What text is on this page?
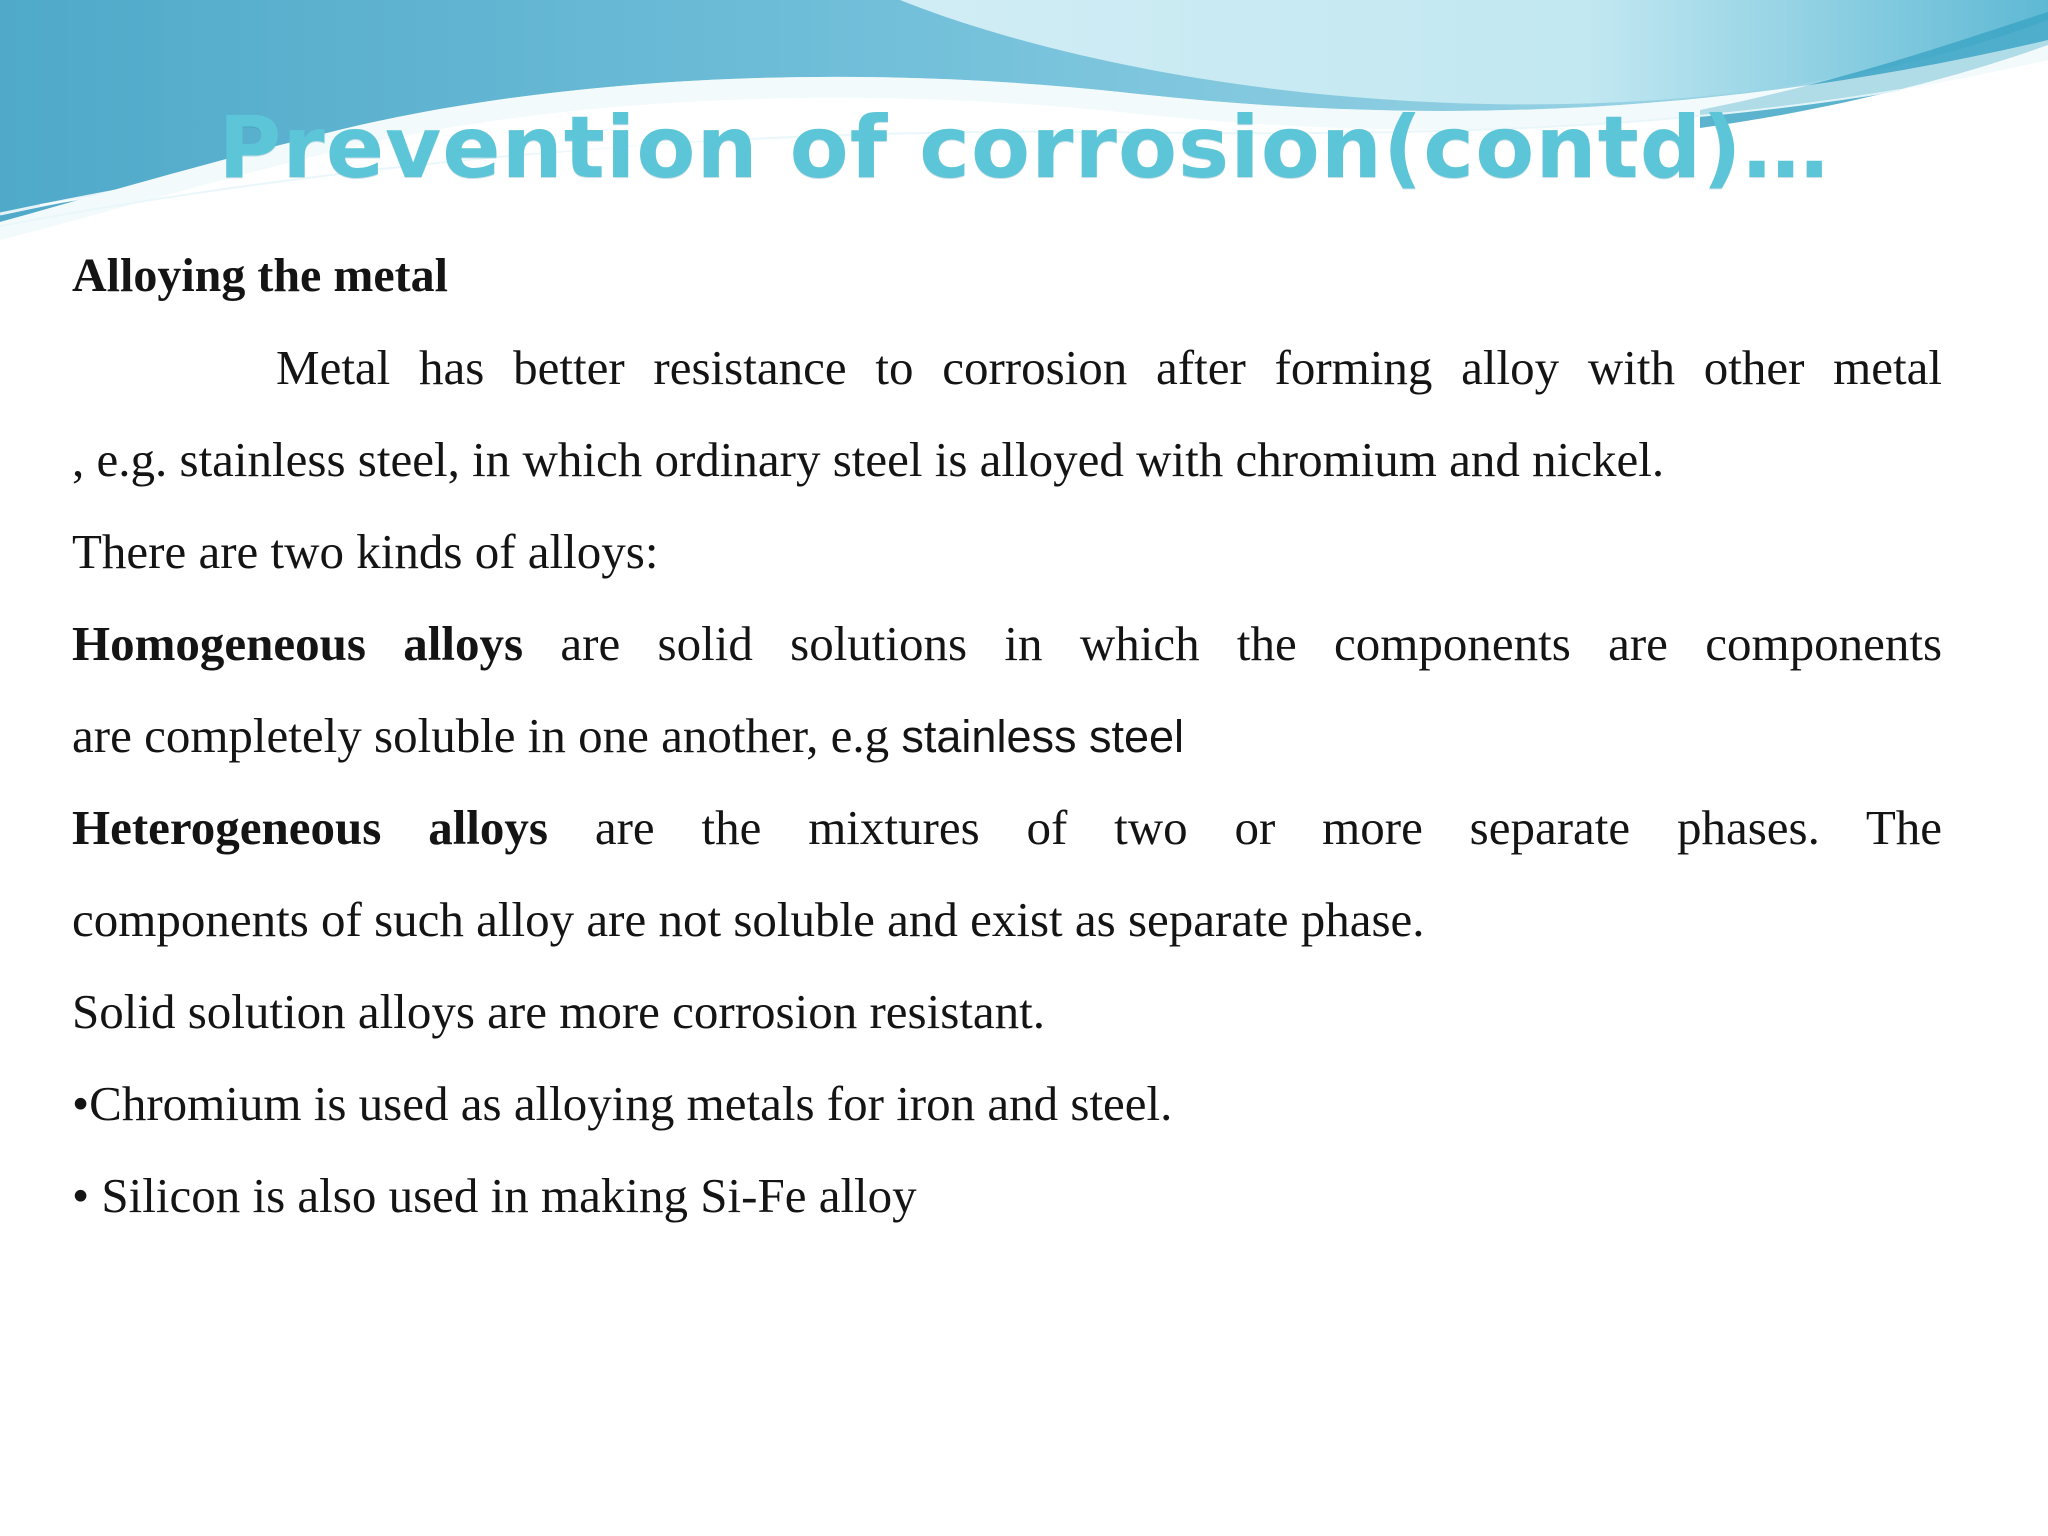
Prevention of corrosion(contd)…
Alloying the metal
Metal has better resistance to corrosion after forming alloy with other metal
, e.g. stainless steel, in which ordinary steel is alloyed with chromium and nickel.
There are two kinds of alloys:
Homogeneous alloys are solid solutions in which the components are components
are completely soluble in one another, e.g stainless steel
Heterogeneous alloys are the mixtures of two or more separate phases. The
components of such alloy are not soluble and exist as separate phase.
Solid solution alloys are more corrosion resistant.
•Chromium is used as alloying metals for iron and steel.
• Silicon is also used in making Si-Fe alloy
